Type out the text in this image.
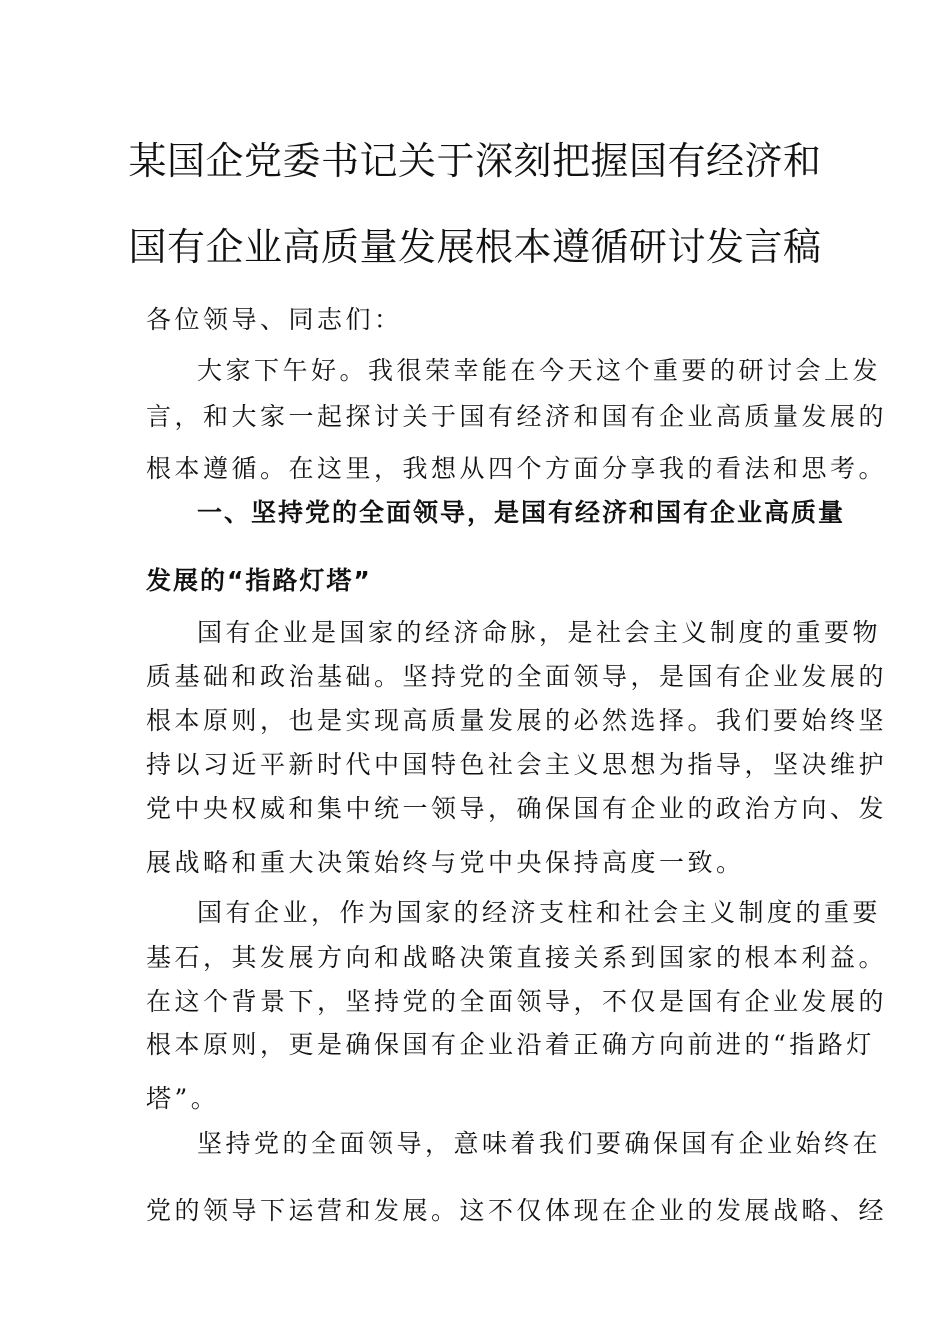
某国企党委书记关于深刻把握国有经济和
国有企业高质量发展根本遵循研讨发言稿
各位领导、同志们：
大家下午好。我很荣幸能在今天这个重要的研讨会上发
言，和大家一起探讨关于国有经济和国有企业高质量发展的
根本遵循。在这里，我想从四个方面分享我的看法和思考。
一、坚持党的全面领导，是国有经济和国有企业高质量
发展的“指路灯塔”
国有企业是国家的经济命脉，是社会主义制度的重要物
质基础和政治基础。坚持党的全面领导，是国有企业发展的
根本原则，也是实现高质量发展的必然选择。我们要始终坚
持以习近平新时代中国特色社会主义思想为指导，坚决维护
党中央权威和集中统一领导，确保国有企业的政治方向、发
展战略和重大决策始终与党中央保持高度一致。
国有企业，作为国家的经济支柱和社会主义制度的重要
基石，其发展方向和战略决策直接关系到国家的根本利益。
在这个背景下，坚持党的全面领导，不仅是国有企业发展的
根本原则，更是确保国有企业沿着正确方向前进的“指路灯
塔”。
坚持党的全面领导，意味着我们要确保国有企业始终在
党的领导下运营和发展。这不仅体现在企业的发展战略、经
